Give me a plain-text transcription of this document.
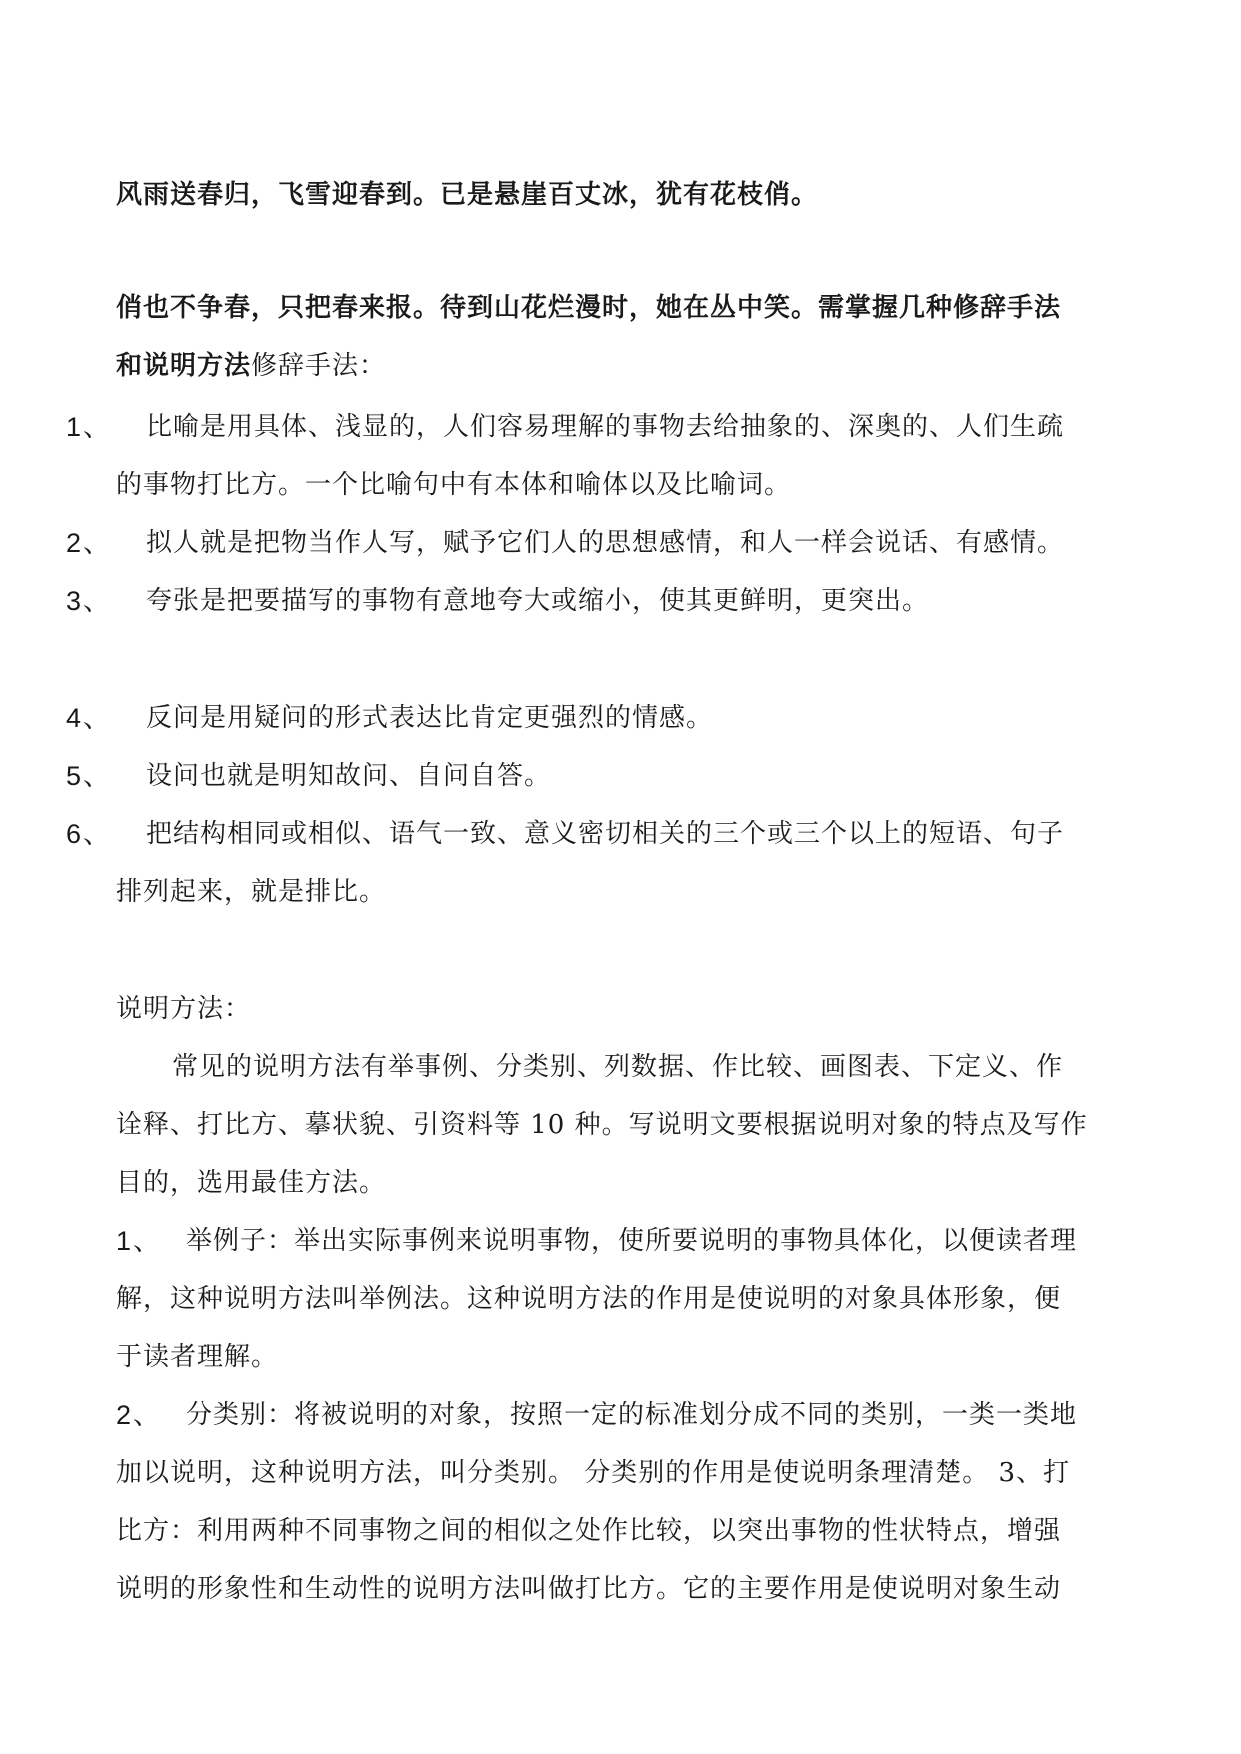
风雨送春归，飞雪迎春到。已是悬崖百丈冰，犹有花枝俏。
俏也不争春，只把春来报。待到山花烂漫时，她在丛中笑。需掌握几种修辞手法
和说明方法修辞手法：
1、 比喻是用具体、浅显的，人们容易理解的事物去给抽象的、深奥的、人们生疏
的事物打比方。一个比喻句中有本体和喻体以及比喻词。
2、 拟人就是把物当作人写，赋予它们人的思想感情，和人一样会说话、有感情。
3、 夸张是把要描写的事物有意地夸大或缩小，使其更鲜明，更突出。
4、 反问是用疑问的形式表达比肯定更强烈的情感。
5、 设问也就是明知故问、自问自答。
6、 把结构相同或相似、语气一致、意义密切相关的三个或三个以上的短语、句子
排列起来，就是排比。
说明方法：
常见的说明方法有举事例、分类别、列数据、作比较、画图表、下定义、作
诠释、打比方、摹状貌、引资料等 10 种。写说明文要根据说明对象的特点及写作
目的，选用最佳方法。
1、 举例子：举出实际事例来说明事物，使所要说明的事物具体化，以便读者理
解，这种说明方法叫举例法。这种说明方法的作用是使说明的对象具体形象，便
于读者理解。
2、 分类别：将被说明的对象，按照一定的标准划分成不同的类别，一类一类地
加以说明，这种说明方法，叫分类别。 分类别的作用是使说明条理清楚。 3、打
比方：利用两种不同事物之间的相似之处作比较，以突出事物的性状特点，增强
说明的形象性和生动性的说明方法叫做打比方。它的主要作用是使说明对象生动
